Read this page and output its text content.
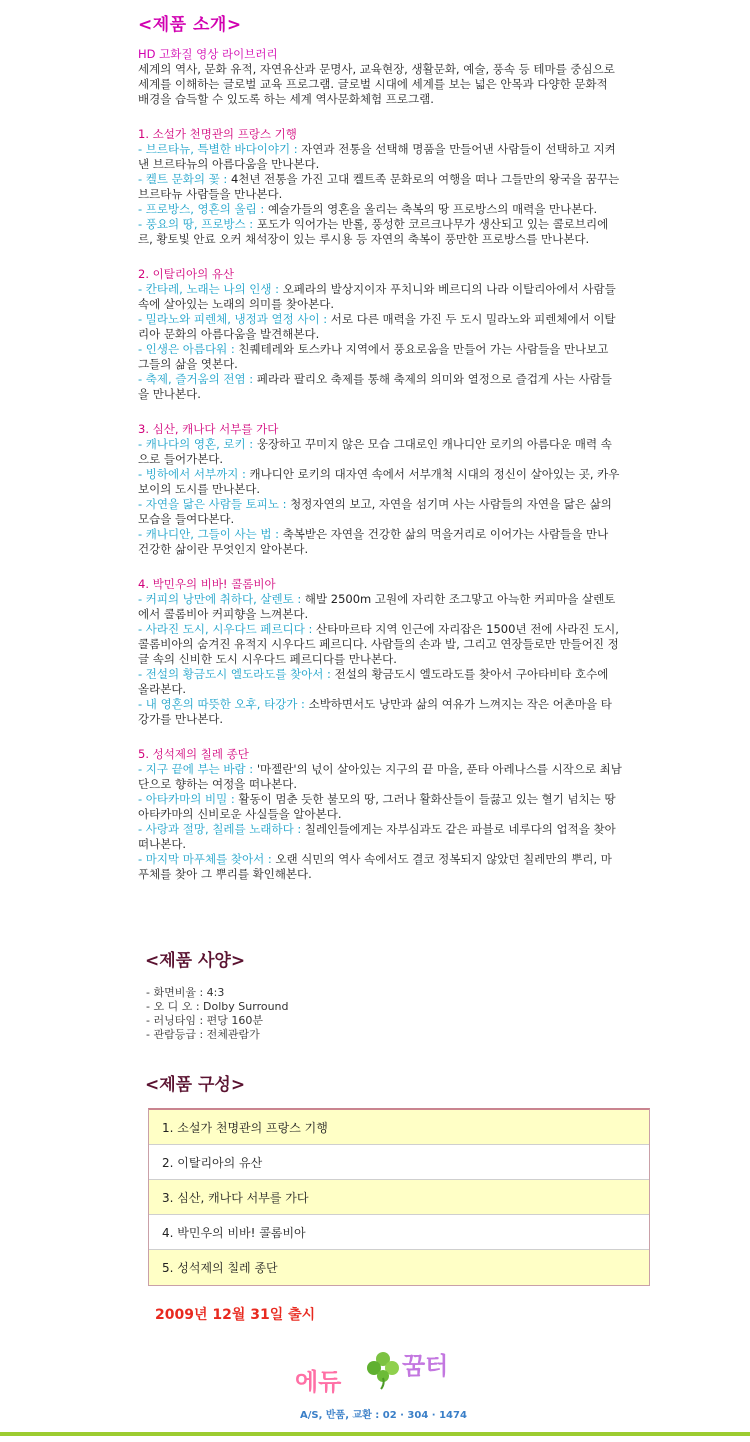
<제품 소개>
HD 고화질 영상 라이브러리
세계의 역사, 문화 유적, 자연유산과 문명사, 교육현장, 생활문화, 예술, 풍속 등 테마를 중심으로 세계를 이해하는 글로벌 교육 프로그램. 글로벌 시대에 세계를 보는 넓은 안목과 다양한 문화적 배경을 습득할 수 있도록 하는 세계 역사문화체험 프로그램.
1. 소설가 천명관의 프랑스 기행
- 브르타뉴, 특별한 바다이야기 : 자연과 전통을 선택해 명품을 만들어낸 사람들이 선택하고 지켜낸 브르타뉴의 아름다움을 만나본다.
- 켈트 문화의 꽃 : 4천년 전통을 가진 고대 켈트족 문화로의 여행을 떠나 그들만의 왕국을 꿈꾸는 브르타뉴 사람들을 만나본다.
- 프로방스, 영혼의 울림 : 예술가들의 영혼을 울리는 축복의 땅 프로방스의 매력을 만나본다.
- 풍요의 땅, 프로방스 : 포도가 익어가는 반롤, 풍성한 코르크나무가 생산되고 있는 콜로브리에르, 황토빛 안료 오커 채석장이 있는 루시용 등 자연의 축복이 풍만한 프로방스를 만나본다.
2. 이탈리아의 유산
- 칸타레, 노래는 나의 인생 : 오페라의 발상지이자 푸치니와 베르디의 나라 이탈리아에서 사람들 속에 살아있는 노래의 의미를 찾아본다.
- 밀라노와 피렌체, 냉정과 열정 사이 : 서로 다른 매력을 가진 두 도시 밀라노와 피렌체에서 이탈리아 문화의 아름다움을 발견해본다.
- 인생은 아름다워 : 친퀘테레와 토스카나 지역에서 풍요로움을 만들어 가는 사람들을 만나보고 그들의 삶을 엿본다.
- 축제, 즐거움의 전염 : 페라라 팔리오 축제를 통해 축제의 의미와 열정으로 즐겁게 사는 사람들을 만나본다.
3. 심산, 캐나다 서부를 가다
- 캐나다의 영혼, 로키 : 웅장하고 꾸미지 않은 모습 그대로인 캐나디안 로키의 아름다운 매력 속으로 들어가본다.
- 빙하에서 서부까지 : 캐나디안 로키의 대자연 속에서 서부개척 시대의 정신이 살아있는 곳, 카우보이의 도시를 만나본다.
- 자연을 닮은 사람들 토피노 : 청정자연의 보고, 자연을 섬기며 사는 사람들의 자연을 닮은 삶의 모습을 들여다본다.
- 캐나디안, 그들이 사는 법 : 축복받은 자연을 건강한 삶의 먹을거리로 이어가는 사람들을 만나 건강한 삶이란 무엇인지 알아본다.
4. 박민우의 비바! 콜롬비아
- 커피의 낭만에 취하다, 살렌토 : 해발 2500m 고원에 자리한 조그맣고 아늑한 커피마을 살렌토에서 콜롬비아 커피향을 느껴본다.
- 사라진 도시, 시우다드 페르디다 : 산타마르타 지역 인근에 자리잡은 1500년 전에 사라진 도시, 콜롬비아의 숨겨진 유적지 시우다드 페르디다. 사람들의 손과 발, 그리고 연장들로만 만들어진 정글 속의 신비한 도시 시우다드 페르디다를 만나본다.
- 전설의 황금도시 엘도라도를 찾아서 : 전설의 황금도시 엘도라도를 찾아서 구아타비타 호수에 올라본다.
- 내 영혼의 따뜻한 오후, 타강가 : 소박하면서도 낭만과 삶의 여유가 느껴지는 작은 어촌마을 타강가를 만나본다.
5. 성석제의 칠레 종단
- 지구 끝에 부는 바람 : '마젤란'의 넋이 살아있는 지구의 끝 마을, 푼타 아레나스를 시작으로 최남단으로 향하는 여정을 떠나본다.
- 아타카마의 비밀 : 활동이 멈춘 듯한 불모의 땅, 그러나 활화산들이 들끓고 있는 혈기 넘치는 땅 아타카마의 신비로운 사실들을 알아본다.
- 사랑과 절망, 칠레를 노래하다 : 칠레인들에게는 자부심과도 같은 파블로 네루다의 업적을 찾아 떠나본다.
- 마지막 마푸체를 찾아서 : 오랜 식민의 역사 속에서도 결코 정복되지 않았던 칠레만의 뿌리, 마푸체를 찾아 그 뿌리를 확인해본다.
<제품 사양>
- 화면비율 : 4:3
- 오 디 오 : Dolby Surround
- 러닝타임 : 편당 160분
- 관람등급 : 전체관람가
<제품 구성>
1. 소설가 천명관의 프랑스 기행
2. 이탈리아의 유산
3. 심산, 캐나다 서부를 가다
4. 박민우의 비바! 콜롬비아
5. 성석제의 칠레 종단
2009년 12월 31일 출시
에듀
꿈터
A/S, 반품, 교환 : 02 · 304 · 1474
